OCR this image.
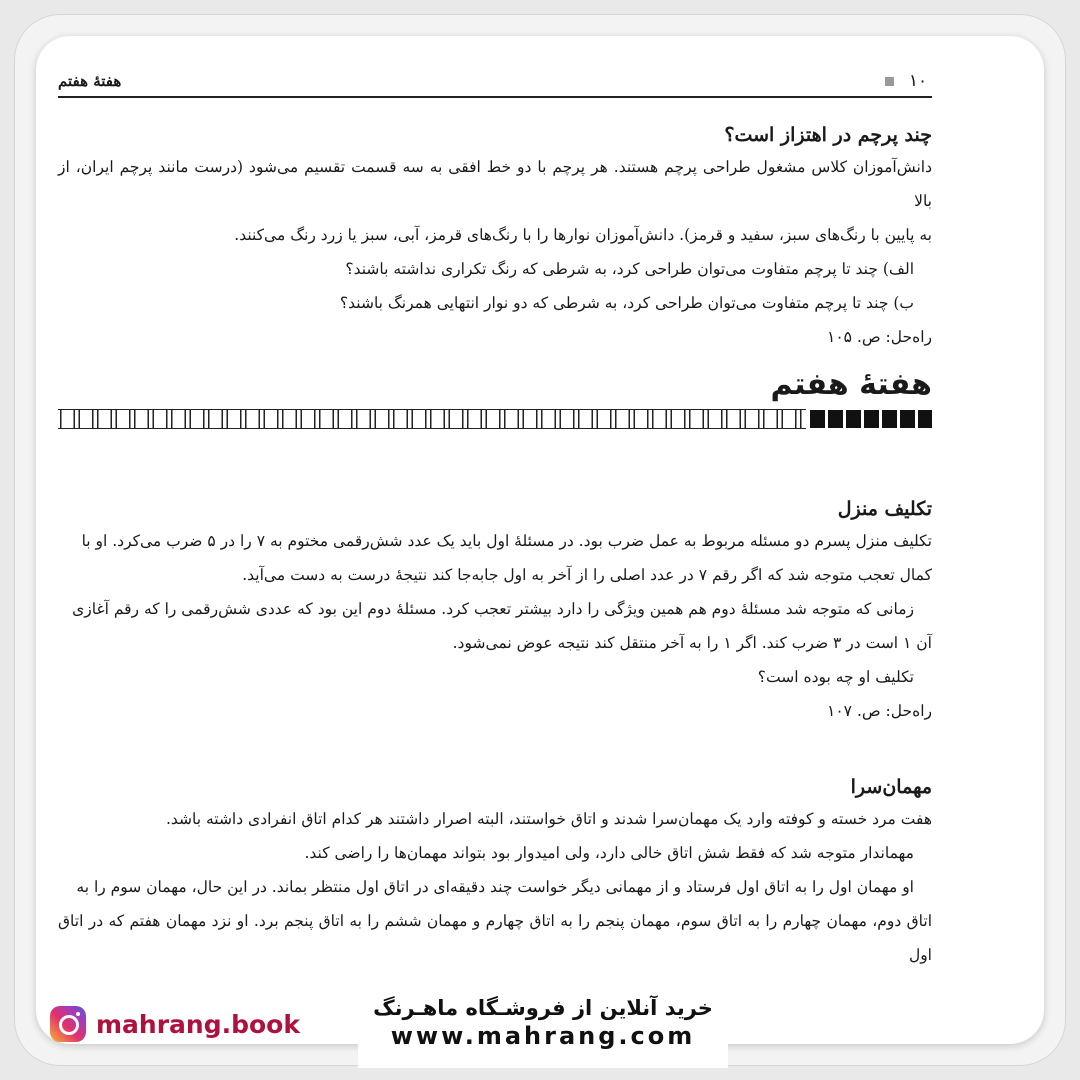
۱۰
هفتهٔ هفتم
چند پرچم در اهتزاز است؟

دانش‌آموزان کلاس مشغول طراحی پرچم هستند. هر پرچم با دو خط افقی به سه قسمت تقسیم می‌شود (درست مانند پرچم ایران، از بالا

به پایین با رنگ‌های سبز، سفید و قرمز). دانش‌آموزان نوارها را با رنگ‌های قرمز، آبی، سبز یا زرد رنگ می‌کنند.

الف) چند تا پرچم متفاوت می‌توان طراحی کرد، به شرطی که رنگ تکراری نداشته باشند؟

ب) چند تا پرچم متفاوت می‌توان طراحی کرد، به شرطی که دو نوار انتهایی همرنگ باشند؟

راه‌حل: ص. ۱۰۵
هفتهٔ هفتم
تکلیف منزل

تکلیف منزل پسرم دو مسئله مربوط به عمل ضرب بود. در مسئلهٔ اول باید یک عدد شش‌رقمی مختوم به ۷ را در ۵ ضرب می‌کرد. او با

کمال تعجب متوجه شد که اگر رقم ۷ در عدد اصلی را از آخر به اول جابه‌جا کند نتیجهٔ درست به دست می‌آید.

زمانی که متوجه شد مسئلهٔ دوم هم همین ویژگی را دارد بیشتر تعجب کرد. مسئلهٔ دوم این بود که عددی شش‌رقمی را که رقم آغازی

آن ۱ است در ۳ ضرب کند. اگر ۱ را به آخر منتقل کند نتیجه عوض نمی‌شود.

تکلیف او چه بوده است؟

راه‌حل: ص. ۱۰۷
مهمان‌سرا

هفت مرد خسته و کوفته وارد یک مهمان‌سرا شدند و اتاق خواستند، البته اصرار داشتند هر کدام اتاق انفرادی داشته باشد.

مهماندار متوجه شد که فقط شش اتاق خالی دارد، ولی امیدوار بود بتواند مهمان‌ها را راضی کند.

او مهمان اول را به اتاق اول فرستاد و از مهمانی دیگر خواست چند دقیقه‌ای در اتاق اول منتظر بماند. در این حال، مهمان سوم را به

اتاق دوم، مهمان چهارم را به اتاق سوم، مهمان پنجم را به اتاق چهارم و مهمان ششم را به اتاق پنجم برد. او نزد مهمان هفتم که در اتاق اول

mahrang.book
خرید آنلاین از فروشـگاه ماهـرنگ
www.mahrang.com
